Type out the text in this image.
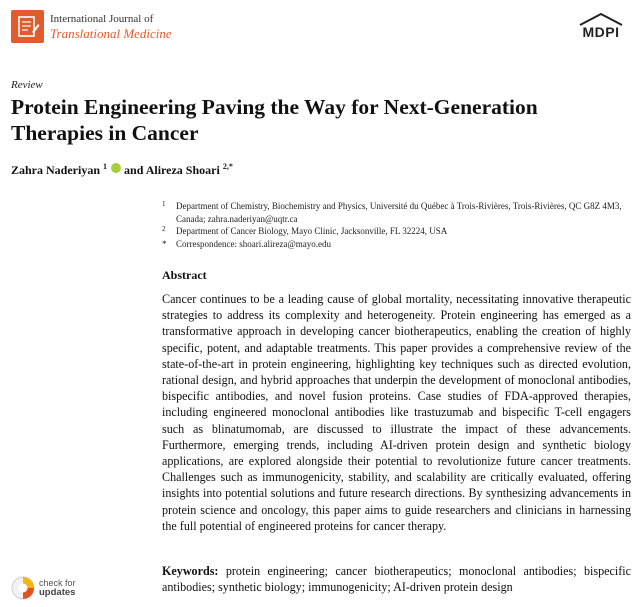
International Journal of
Translational Medicine	MDPI
Review
Protein Engineering Paving the Way for Next-Generation Therapies in Cancer
Zahra Naderiyan $^1$  and Alireza Shoari $^{2,*}$
1 Department of Chemistry, Biochemistry and Physics, Université du Québec à Trois-Rivières, Trois-Rivières, QC G8Z 4M3, Canada; zahra.naderiyan@uqtr.ca
2 Department of Cancer Biology, Mayo Clinic, Jacksonville, FL 32224, USA
* Correspondence: shoari.alireza@mayo.edu
Abstract

Cancer continues to be a leading cause of global mortality, necessitating innovative therapeutic strategies to address its complexity and heterogeneity. Protein engineering has emerged as a transformative approach in developing cancer biotherapeutics, enabling the creation of highly specific, potent, and adaptable treatments. This paper provides a comprehensive review of the state-of-the-art in protein engineering, highlighting key techniques such as directed evolution, rational design, and hybrid approaches that underpin the development of monoclonal antibodies, bispecific antibodies, and novel fusion proteins. Case studies of FDA-approved therapies, including engineered monoclonal antibodies like trastuzumab and bispecific T-cell engagers such as blinatumomab, are discussed to illustrate the impact of these advancements. Furthermore, emerging trends, including AI-driven protein design and synthetic biology applications, are explored alongside their potential to revolutionize future cancer treatments. Challenges such as immunogenicity, stability, and scalability are critically evaluated, offering insights into potential solutions and future research directions. By synthesizing advancements in protein science and oncology, this paper aims to guide researchers and clinicians in harnessing the full potential of engineered proteins for cancer therapy.

Keywords: protein engineering; cancer biotherapeutics; monoclonal antibodies; bispecific antibodies; synthetic biology; immunogenicity; AI-driven protein design

check for
updates
